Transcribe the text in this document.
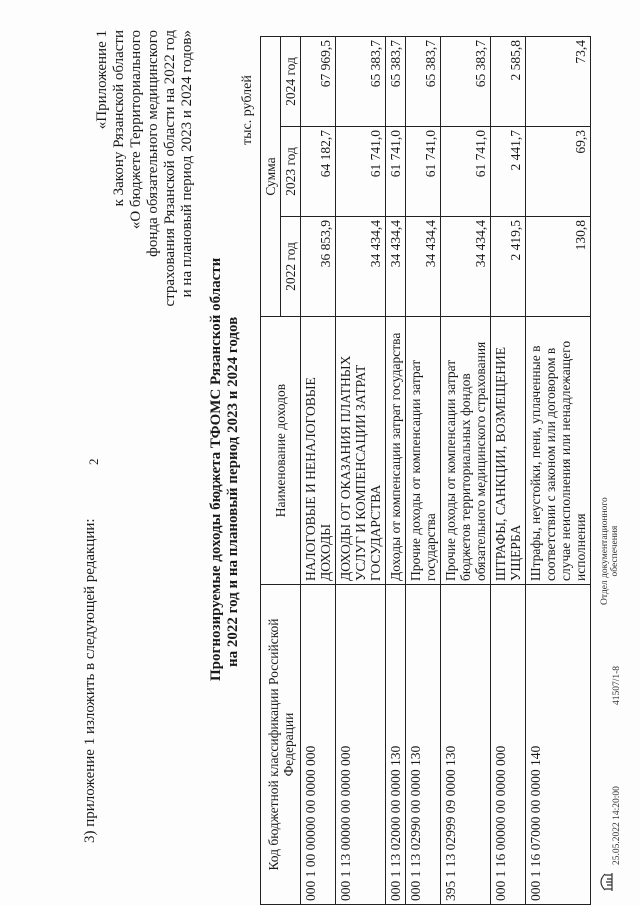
2
3) приложение 1 изложить в следующей редакции:
«Приложение 1 к Закону Рязанской области «О бюджете Территориального фонда обязательного медицинского страхования Рязанской области на 2022 год и на плановый период 2023 и 2024 годов»
Прогнозируемые доходы бюджета ТФОМС Рязанской области на 2022 год и на плановый период 2023 и 2024 годов
тыс. рублей
Код бюджетной классификации Российской Федерации	Наименование доходов	Сумма		
		2022 год	2023 год	2024 год
000 1 00 00000 00 0000 000	НАЛОГОВЫЕ И НЕНАЛОГОВЫЕ ДОХОДЫ	36 853,9	64 182,7	67 969,5
000 1 13 00000 00 0000 000	ДОХОДЫ ОТ ОКАЗАНИЯ ПЛАТНЫХ УСЛУГ И КОМПЕНСАЦИИ ЗАТРАТ ГОСУДАРСТВА	34 434,4	61 741,0	65 383,7
000 1 13 02000 00 0000 130	Доходы от компенсации затрат государства	34 434,4	61 741,0	65 383,7
000 1 13 02990 00 0000 130	Прочие доходы от компенсации затрат государства	34 434,4	61 741,0	65 383,7
395 1 13 02999 09 0000 130	Прочие доходы от компенсации затрат бюджетов территориальных фондов обязательного медицинского страхования	34 434,4	61 741,0	65 383,7
000 1 16 00000 00 0000 000	ШТРАФЫ, САНКЦИИ, ВОЗМЕЩЕНИЕ УЩЕРБА	2 419,5	2 441,7	2 585,8
000 1 16 07000 00 0000 140	Штрафы, неустойки, пени, уплаченные в соответствии с законом или договором в случае неисполнения или ненадлежащего исполнения	130,8	69,3	73,4
25.05.2022 14:20:00
41507/1-8
Отдел документационного обеспечения
